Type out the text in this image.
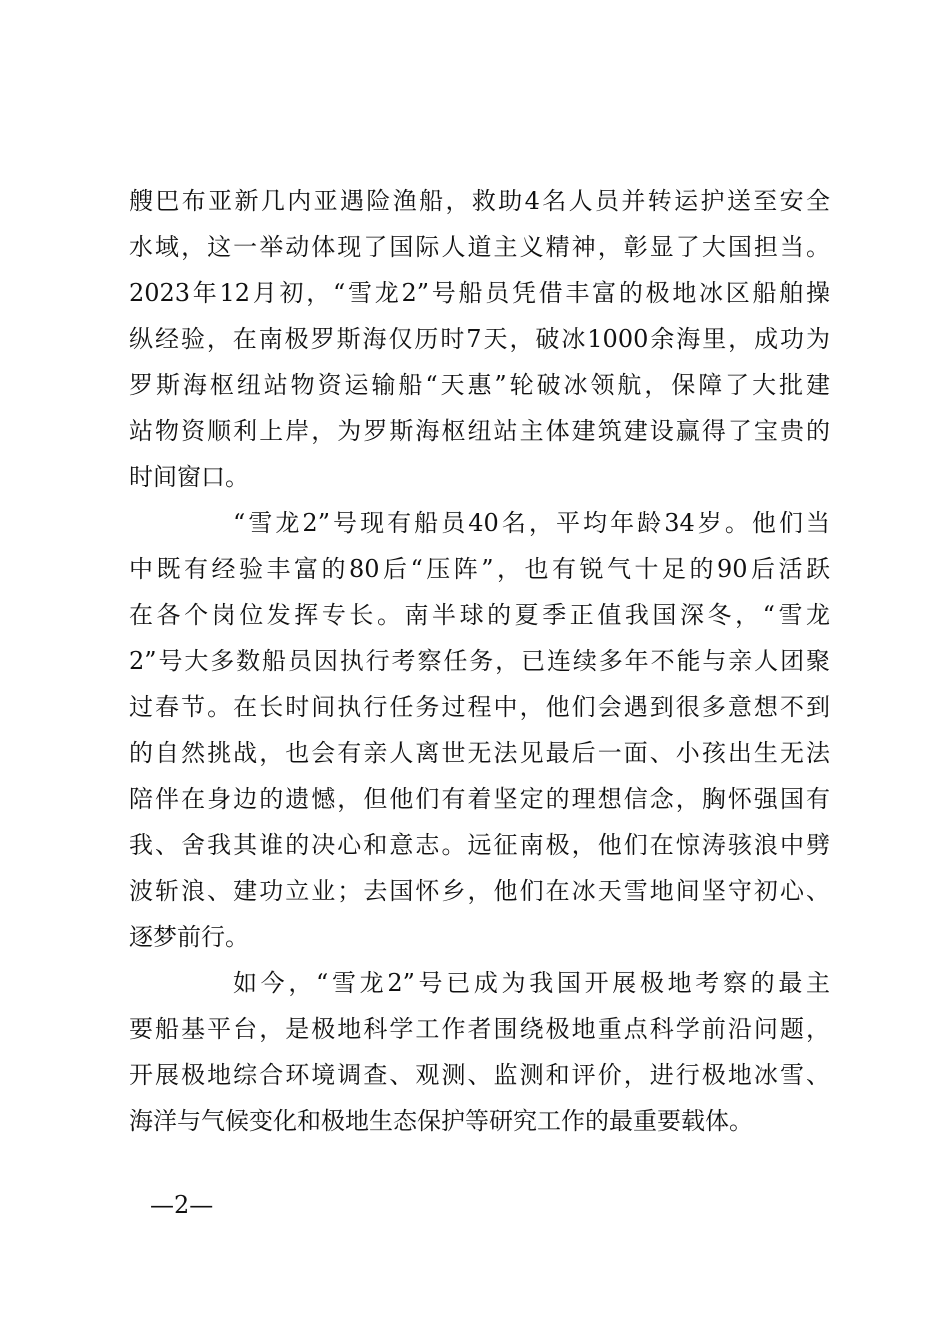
艘巴布亚新几内亚遇险渔船，救助4名人员并转运护送至安全
水域，这一举动体现了国际人道主义精神，彰显了大国担当。
2023年12月初，“雪龙2”号船员凭借丰富的极地冰区船舶操
纵经验，在南极罗斯海仅历时7天，破冰1000余海里，成功为
罗斯海枢纽站物资运输船“天惠”轮破冰领航，保障了大批建
站物资顺利上岸，为罗斯海枢纽站主体建筑建设赢得了宝贵的
时间窗口。
“雪龙2”号现有船员40名，平均年龄34岁。他们当
中既有经验丰富的80后“压阵”，也有锐气十足的90后活跃
在各个岗位发挥专长。南半球的夏季正值我国深冬，“雪龙
2”号大多数船员因执行考察任务，已连续多年不能与亲人团聚
过春节。在长时间执行任务过程中，他们会遇到很多意想不到
的自然挑战，也会有亲人离世无法见最后一面、小孩出生无法
陪伴在身边的遗憾，但他们有着坚定的理想信念，胸怀强国有
我、舍我其谁的决心和意志。远征南极，他们在惊涛骇浪中劈
波斩浪、建功立业；去国怀乡，他们在冰天雪地间坚守初心、
逐梦前行。
如今，“雪龙2”号已成为我国开展极地考察的最主
要船基平台，是极地科学工作者围绕极地重点科学前沿问题，
开展极地综合环境调查、观测、监测和评价，进行极地冰雪、
海洋与气候变化和极地生态保护等研究工作的最重要载体。
—2—
